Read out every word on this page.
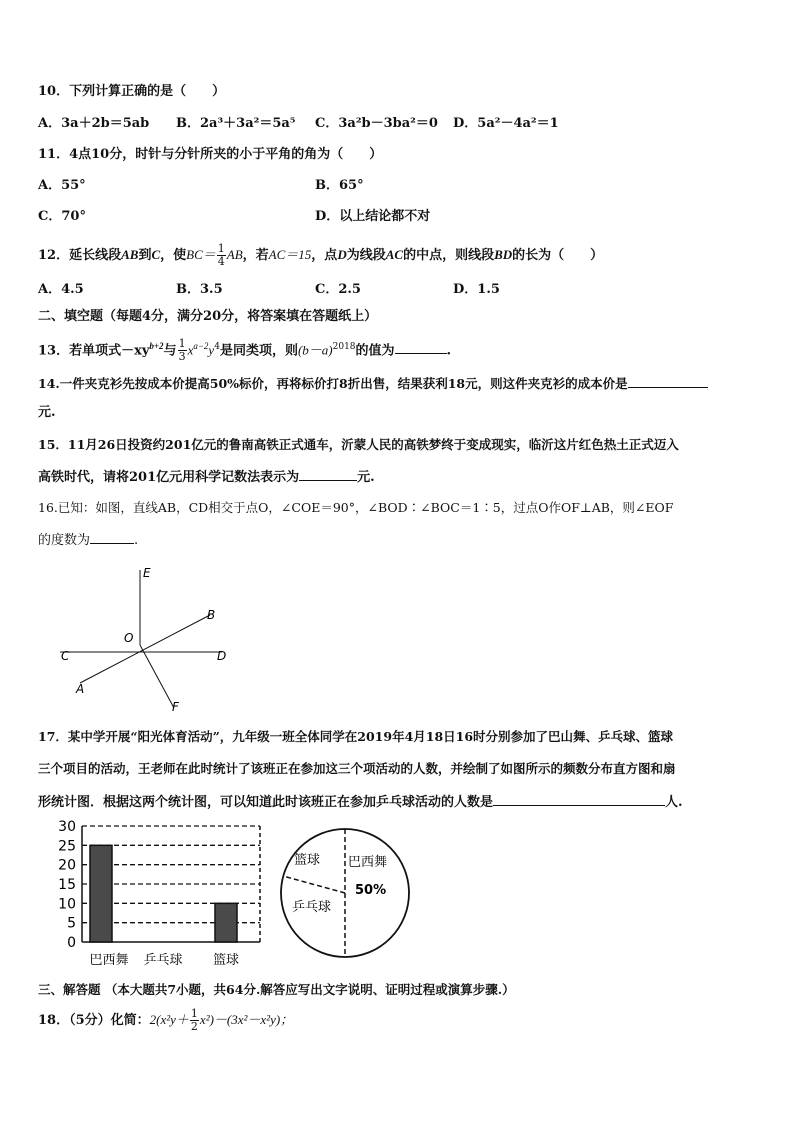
10．下列计算正确的是（　　）
A．3a＋2b＝5ab B．2a³＋3a²＝5a⁵ C．3a²b－3ba²＝0 D．5a²－4a²＝1
11．4点10分，时针与分针所夹的小于平角的角为（　　）
A．55°	B．65°
C．70°	D．以上结论都不对
12．延长线段AB到C，使$BC= \frac{1}{4}$ AB，若AC＝15，点D为线段AC的中点，则线段BD的长为（　　）
A．4.5	B．3.5	C．2.5	D．1.5
二、填空题（每题4分，满分20分，将答案填在答题纸上）
13．若单项式$-xy^{b+2}$与 $\frac{1}{3} x^{a-2}y^4$是同类项，则$(b-a)^{2018}$的值为	.
14.一件夹克衫先按成本价提高50%标价，再将标价打8折出售，结果获利18元，则这件夹克衫的成本价是
元.
15．11月26日投资约201亿元的鲁南高铁正式通车，沂蒙人民的高铁梦终于变成现实，临沂这片红色热土正式迈入
高铁时代，请将201亿元用科学记数法表示为	元.
16.已知：如图，直线AB，CD相交于点O，∠COE＝90°，∠BOD∶∠BOC＝1∶5，过点O作OF⊥AB，则∠EOF
的度数为	.
E
B
O
C	D
A
F
17．某中学开展“阳光体育活动”，九年级一班全体同学在2019年4月18日16时分别参加了巴山舞、乒乓球、篮球
三个项目的活动，王老师在此时统计了该班正在参加这三个项活动的人数，并绘制了如图所示的频数分布直方图和扇
形统计图．根据这两个统计图，可以知道此时该班正在参加乒乓球活动的人数是	人.
30
25
20
15
10
5
0
巴西舞 乒乓球 篮球
篮球 巴西舞
50%
乒乓球
三、解答题 （本大题共7小题，共64分.解答应写出文字说明、证明过程或演算步骤.）
18．（5分）化简：$2(x^2y+ \frac{1}{2} x^2)-(3x^2-x^2y)$；
